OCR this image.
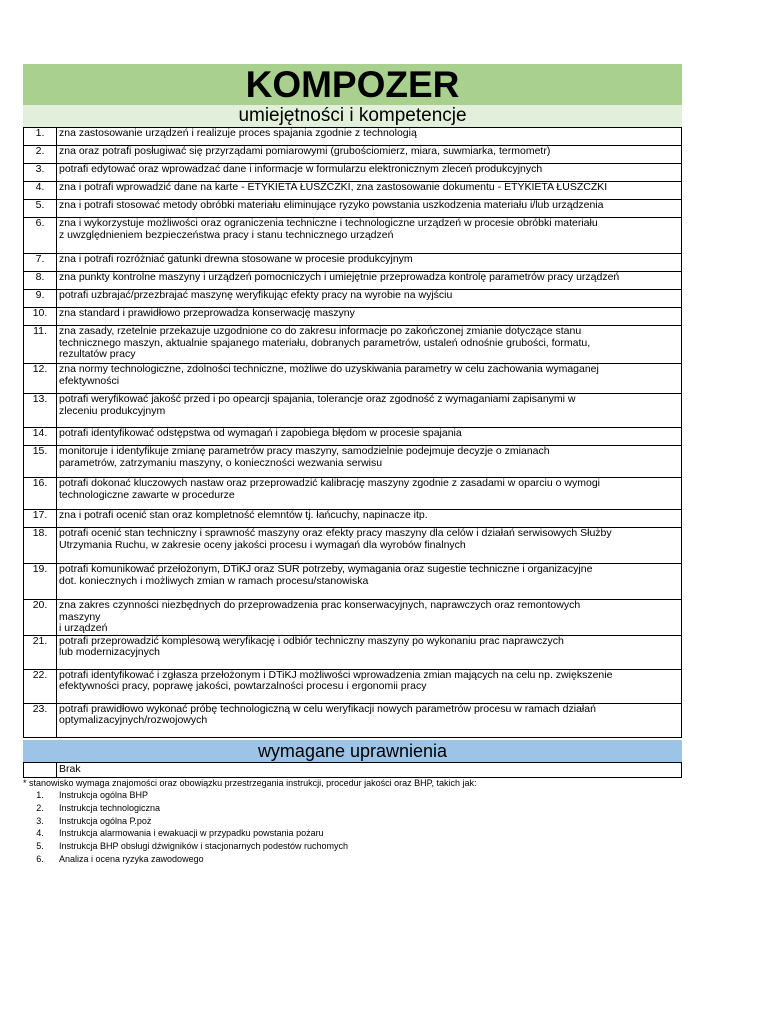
KOMPOZER
umiejętności i kompetencje
1.	zna zastosowanie urządzeń i realizuje proces spajania zgodnie z technologią
2.	zna oraz potrafi posługiwać się przyrządami pomiarowymi (grubościomierz, miara, suwmiarka, termometr)
3.	potrafi edytować oraz wprowadzać dane i informacje w formularzu elektronicznym zleceń produkcyjnych
4.	zna i potrafi wprowadzić dane na karte - ETYKIETA ŁUSZCZKI, zna zastosowanie dokumentu - ETYKIETA ŁUSZCZKI
5.	zna i potrafi stosować metody obróbki materiału eliminujące ryzyko powstania uszkodzenia materiału i/lub urządzenia
6.	zna i wykorzystuje możliwości oraz ograniczenia techniczne i technologiczne urządzeń w procesie obróbki materiału
z uwzględnieniem bezpieczeństwa pracy i stanu technicznego urządzeń
7.	zna i potrafi rozróżniać gatunki drewna stosowane w procesie produkcyjnym
8.	zna punkty kontrolne maszyny i urządzeń pomocniczych i umiejętnie przeprowadza kontrolę parametrów pracy urządzeń
9.	potrafi uzbrajać/przezbrajać maszynę weryfikując efekty pracy na wyrobie na wyjściu
10.	zna standard i prawidłowo przeprowadza konserwację maszyny
11.	zna zasady, rzetelnie przekazuje uzgodnione co do zakresu informacje po zakończonej zmianie dotyczące stanu
technicznego maszyn, aktualnie spajanego materiału, dobranych parametrów, ustaleń odnośnie grubości, formatu,
rezultatów pracy
12.	zna normy technologiczne, zdolności techniczne, możliwe do uzyskiwania parametry w celu zachowania wymaganej
efektywności
13.	potrafi weryfikować jakość przed i po opearcji spajania, tolerancje oraz zgodność z wymaganiami zapisanymi w
zleceniu produkcyjnym
14.	potrafi identyfikować odstępstwa od wymagań i zapobiega błędom w procesie spajania
15.	monitoruje i identyfikuje zmianę parametrów pracy maszyny, samodzielnie podejmuje decyzje o zmianach
parametrów, zatrzymaniu maszyny, o konieczności wezwania serwisu
16.	potrafi dokonać kluczowych nastaw oraz przeprowadzić kalibrację maszyny zgodnie z zasadami w oparciu o wymogi
technologiczne zawarte w procedurze
17.	zna i potrafi ocenić stan oraz kompletność elemntów tj. łańcuchy, napinacze itp.
18.	potrafi ocenić stan techniczny i sprawność maszyny oraz efekty pracy maszyny dla celów i działań serwisowych Służby
Utrzymania Ruchu, w zakresie oceny jakości procesu i wymagań dla wyrobów finalnych
19.	potrafi komunikować przełożonym, DTiKJ oraz SUR potrzeby, wymagania oraz sugestie techniczne i organizacyjne
dot. koniecznych i możliwych zmian w ramach procesu/stanowiska
20.	zna zakres czynności niezbędnych do przeprowadzenia prac konserwacyjnych, naprawczych oraz remontowych
maszyny
i urządzeń
21.	potrafi przeprowadzić komplesową weryfikację i odbiór techniczny maszyny po wykonaniu prac naprawczych
lub modernizacyjnych
22.	potrafi identyfikować i zgłasza przełożonym i DTiKJ możliwości wprowadzenia zmian mających na celu np. zwiększenie
efektywności pracy, poprawę jakości, powtarzalności procesu i ergonomii pracy
23.	potrafi prawidłowo wykonać próbę technologiczną w celu weryfikacji nowych parametrów procesu w ramach działań
optymalizacyjnych/rozwojowych
wymagane uprawnienia
	Brak
* stanowisko wymaga znajomości oraz obowiązku przestrzegania instrukcji, procedur jakości oraz BHP, takich jak:
1.	Instrukcja ogólna BHP
2.	Instrukcja technologiczna
3.	Instrukcja ogólna P.poż
4.	Instrukcja alarmowania i ewakuacji w przypadku powstania pożaru
5.	Instrukcja BHP obsługi dźwigników i stacjonarnych podestów ruchomych
6.	Analiza i ocena ryzyka zawodowego
